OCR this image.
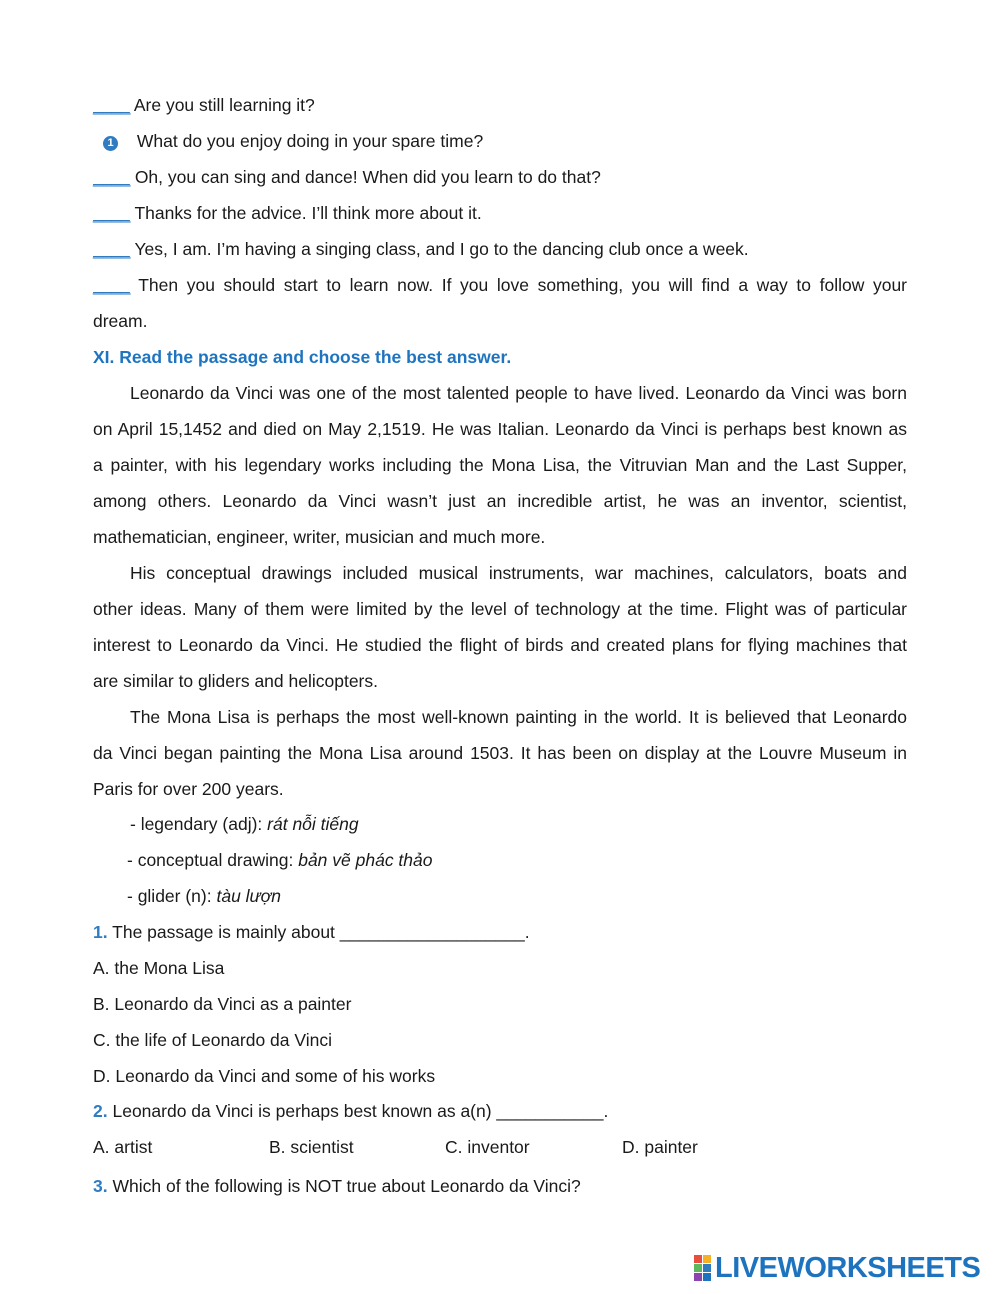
____ Are you still learning it?
1 What do you enjoy doing in your spare time?
____ Oh, you can sing and dance! When did you learn to do that?
____ Thanks for the advice. I’ll think more about it.
____ Yes, I am. I’m having a singing class, and I go to the dancing club once a week.
____ Then you should start to learn now. If you love something, you will find a way to follow your
dream.
XI. Read the passage and choose the best answer.
Leonardo da Vinci was one of the most talented people to have lived. Leonardo da Vinci was born
on April 15,1452 and died on May 2,1519. He was Italian. Leonardo da Vinci is perhaps best known as
a painter, with his legendary works including the Mona Lisa, the Vitruvian Man and the Last Supper,
among others. Leonardo da Vinci wasn’t just an incredible artist, he was an inventor, scientist,
mathematician, engineer, writer, musician and much more.
His conceptual drawings included musical instruments, war machines, calculators, boats and
other ideas. Many of them were limited by the level of technology at the time. Flight was of particular
interest to Leonardo da Vinci. He studied the flight of birds and created plans for flying machines that
are similar to gliders and helicopters.
The Mona Lisa is perhaps the most well-known painting in the world. It is believed that Leonardo
da Vinci began painting the Mona Lisa around 1503. It has been on display at the Louvre Museum in
Paris for over 200 years.
- legendary (adj): rát nỗi tiếng
- conceptual drawing: bản vẽ phác thảo
- glider (n): tàu lượn
1. The passage is mainly about ___________________.
A. the Mona Lisa
B. Leonardo da Vinci as a painter
C. the life of Leonardo da Vinci
D. Leonardo da Vinci and some of his works
2. Leonardo da Vinci is perhaps best known as a(n) ___________.
A. artist	B. scientist	C. inventor	D. painter
3. Which of the following is NOT true about Leonardo da Vinci?
LIVEWORKSHEETS
